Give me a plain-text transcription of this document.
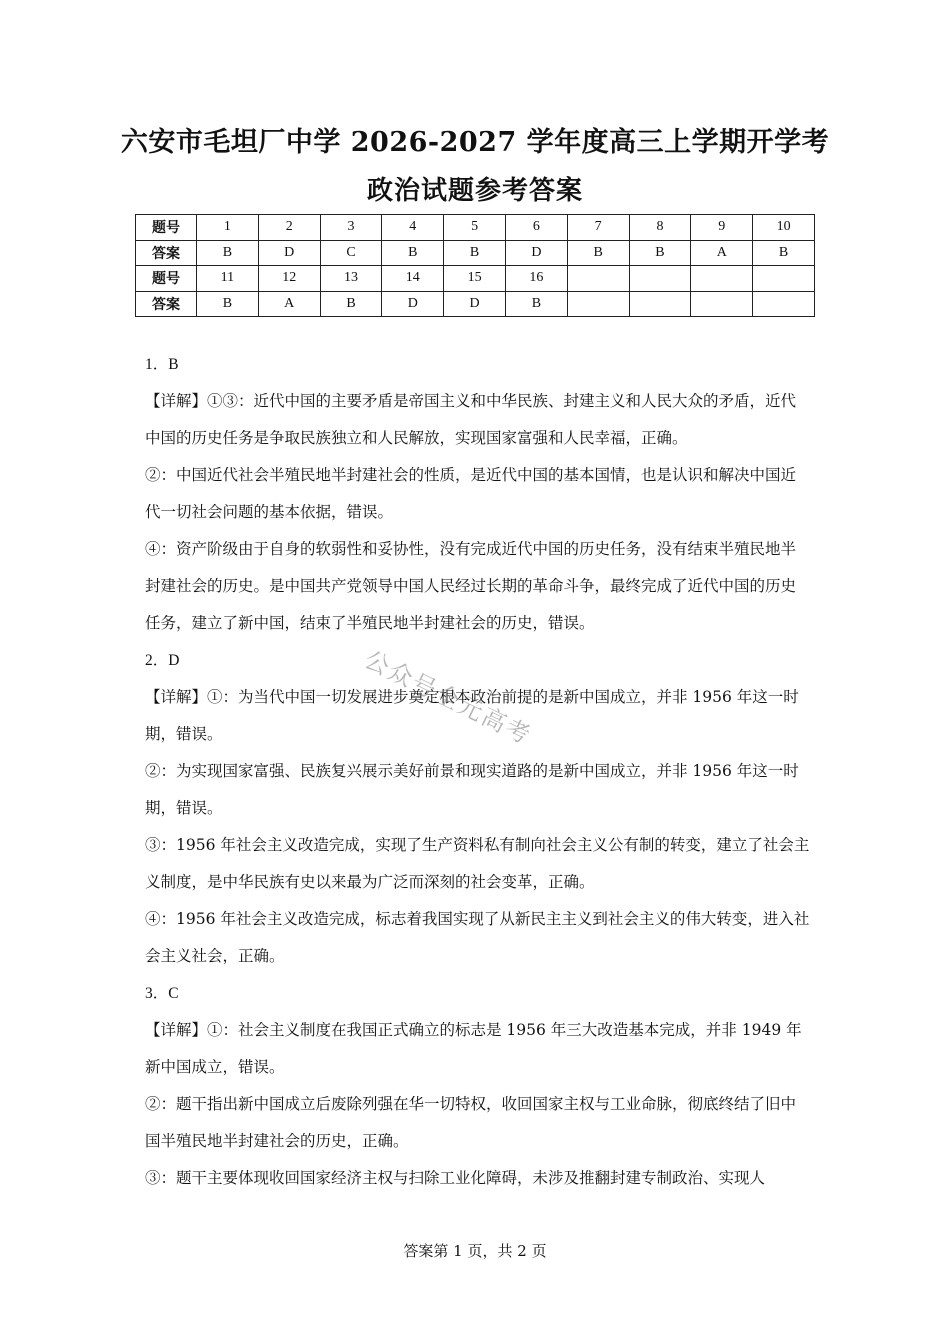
六安市毛坦厂中学 2026-2027 学年度高三上学期开学考
政治试题参考答案
题号	1	2	3	4	5	6	7	8	9	10
答案	B	D	C	B	B	D	B	B	A	B
题号	11	12	13	14	15	16				
答案	B	A	B	D	D	B				

1．B

【详解】①③：近代中国的主要矛盾是帝国主义和中华民族、封建主义和人民大众的矛盾，近代中国的历史任务是争取民族独立和人民解放，实现国家富强和人民幸福，正确。

②：中国近代社会半殖民地半封建社会的性质，是近代中国的基本国情，也是认识和解决中国近代一切社会问题的基本依据，错误。

④：资产阶级由于自身的软弱性和妥协性，没有完成近代中国的历史任务，没有结束半殖民地半封建社会的历史。是中国共产党领导中国人民经过长期的革命斗争，最终完成了近代中国的历史任务，建立了新中国，结束了半殖民地半封建社会的历史，错误。

2．D

【详解】①：为当代中国一切发展进步奠定根本政治前提的是新中国成立，并非 1956 年这一时期，错误。

②：为实现国家富强、民族复兴展示美好前景和现实道路的是新中国成立，并非 1956 年这一时期，错误。

③：1956 年社会主义改造完成，实现了生产资料私有制向社会主义公有制的转变，建立了社会主义制度，是中华民族有史以来最为广泛而深刻的社会变革，正确。

④：1956 年社会主义改造完成，标志着我国实现了从新民主主义到社会主义的伟大转变，进入社会主义社会，正确。

3．C

【详解】①：社会主义制度在我国正式确立的标志是 1956 年三大改造基本完成，并非 1949 年新中国成立，错误。

②：题干指出新中国成立后废除列强在华一切特权，收回国家主权与工业命脉，彻底终结了旧中国半殖民地半封建社会的历史，正确。

③：题干主要体现收回国家经济主权与扫除工业化障碍，未涉及推翻封建专制政治、实现人

公众号全元高考
答案第 1 页，共 2 页
